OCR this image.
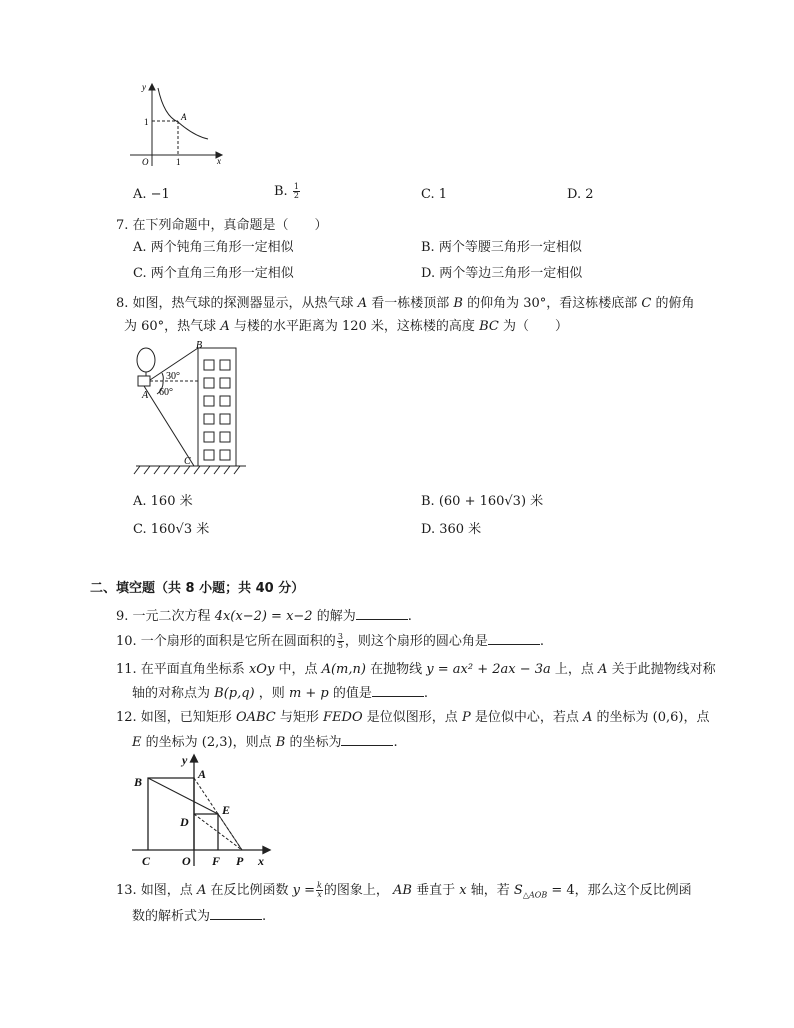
y
x
O
1
1
A
A. −1	B. $\frac{1}{2}$	C. 1	D. 2
7. 在下列命题中，真命题是（　　）
A. 两个钝角三角形一定相似	B. 两个等腰三角形一定相似
C. 两个直角三角形一定相似	D. 两个等边三角形一定相似
8. 如图，热气球的探测器显示，从热气球 A 看一栋楼顶部 B 的仰角为 30°，看这栋楼底部 C 的俯角
为 60°，热气球 A 与楼的水平距离为 120 米，这栋楼的高度 BC 为（　　）
B
A
C
30°
60°
A. 160 米	B. (60 + 160√3) 米
C. 160√3 米	D. 360 米
二、填空题（共 8 小题；共 40 分）
9. 一元二次方程 4x(x−2) = x−2 的解为	.
10. 一个扇形的面积是它所在圆面积的 $\frac{3}{5}$ ，则这个扇形的圆心角是	.
11. 在平面直角坐标系 xOy 中，点 A(m,n) 在抛物线 y = ax² + 2ax − 3a 上，点 A 关于此抛物线对称
轴的对称点为 B(p,q) ，则 m + p 的值是	.
12. 如图，已知矩形 OABC 与矩形 FEDO 是位似图形，点 P 是位似中心，若点 A 的坐标为 (0,6)，点
E 的坐标为 (2,3)，则点 B 的坐标为	.
y
x
A
B
C	O
D
E
F P
13. 如图，点 A 在反比例函数 $y = \frac{k}{x}$ 的图象上， AB 垂直于 x 轴，若 $S_{\triangle AOB} = 4$，那么这个反比例函
数的解析式为	.
